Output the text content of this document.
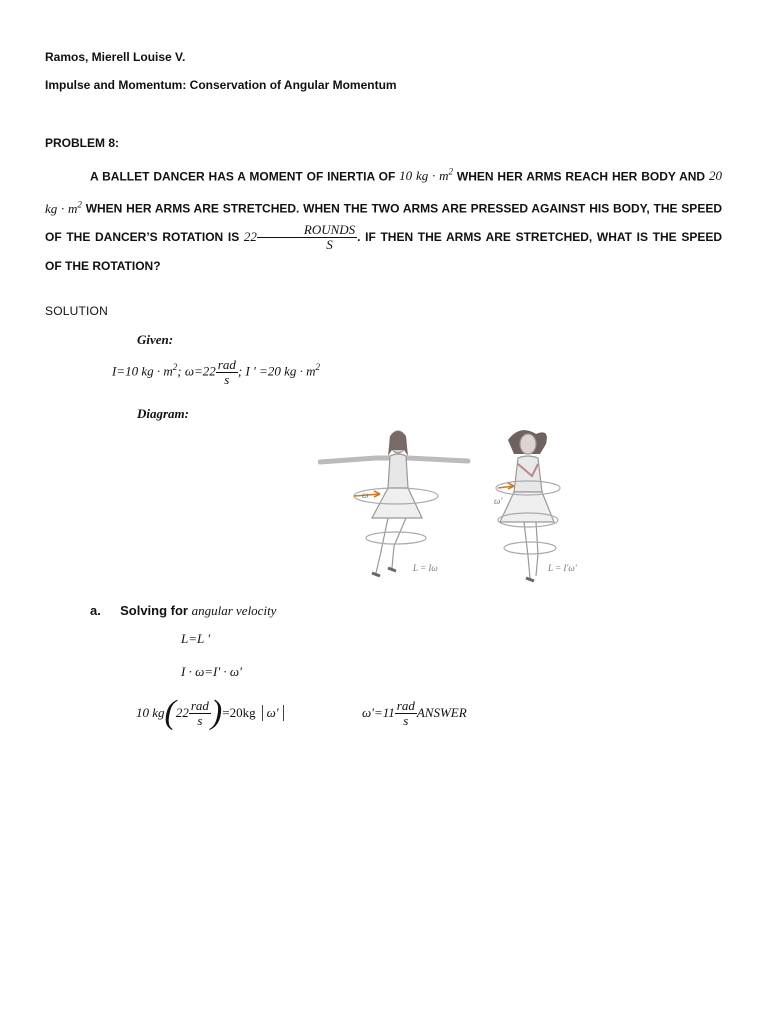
Ramos, Mierell Louise V.
Impulse and Momentum: Conservation of Angular Momentum
PROBLEM 8:
A BALLET DANCER HAS A MOMENT OF INERTIA OF 10 kg · $m^2$ WHEN HER ARMS REACH HER BODY AND 20 kg · $m^2$ WHEN HER ARMS ARE STRETCHED. WHEN THE TWO ARMS ARE PRESSED AGAINST HIS BODY, THE SPEED OF THE DANCER’S ROTATION IS $22 \frac{\text{ROUNDS}}{S}$ . IF THEN THE ARMS ARE STRETCHED, WHAT IS THE SPEED OF THE ROTATION?
SOLUTION
Given:
I=10 kg · $m^2$; $\omega=22 \frac{\text{rad}}{s}$ ; I ' =20 kg · $m^2$
Diagram:
ω
L = Iω
ω'
L = I'ω'
a. Solving for angular velocity
L=L '
I · ω=I' · ω'
10 kg ( $22 \frac{\text{rad}}{s}$ ) =20kg ω'	$\omega'=11 \frac{\text{rad}}{s}$ ANSWER
